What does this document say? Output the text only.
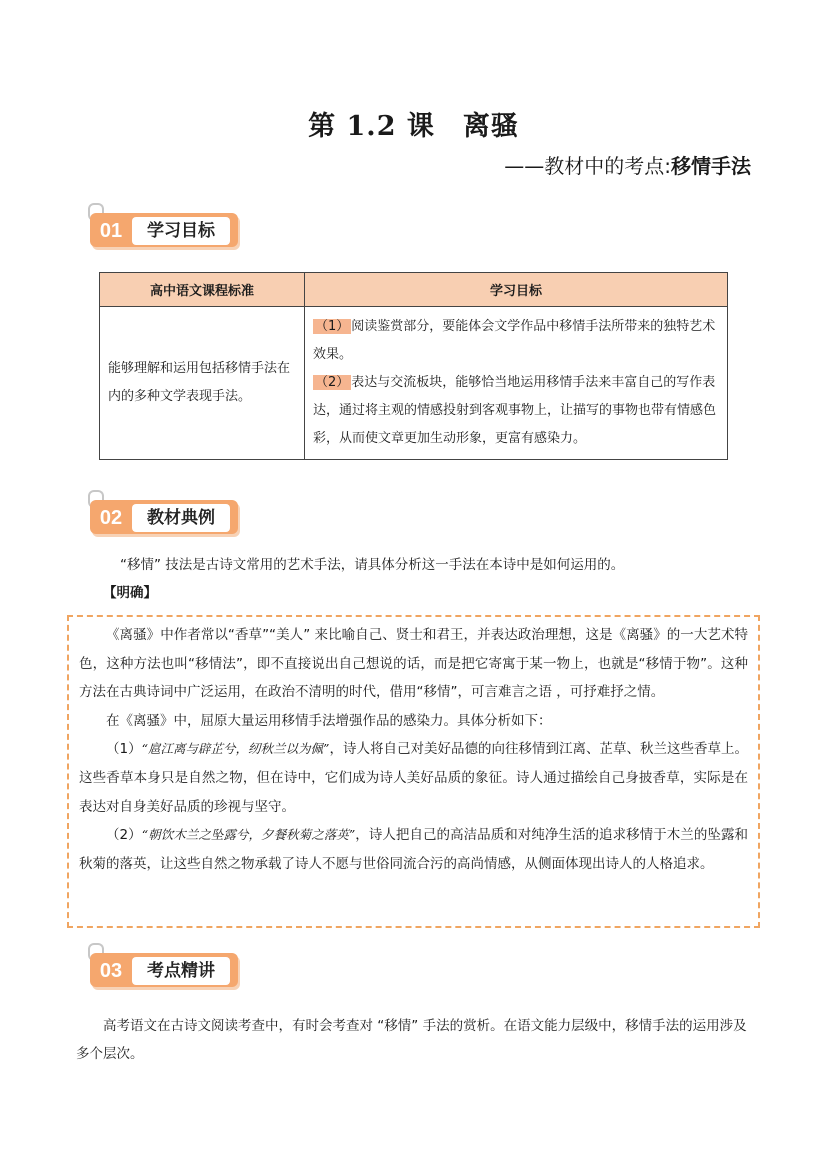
第 1.2 课　离骚
——教材中的考点:移情手法
01	学习目标
高中语文课程标准	学习目标
能够理解和运用包括移情手法在内的多种文学表现手法。	（1） 阅读鉴赏部分，要能体会文学作品中移情手法所带来的独特艺术效果。
（2） 表达与交流板块，能够恰当地运用移情手法来丰富自己的写作表达，通过将主观的情感投射到客观事物上，让描写的事物也带有情感色彩，从而使文章更加生动形象，更富有感染力。
02	教材典例
“移情” 技法是古诗文常用的艺术手法，请具体分析这一手法在本诗中是如何运用的。
【明确】

《离骚》中作者常以“香草”“美人” 来比喻自己、贤士和君王，并表达政治理想，这是《离骚》的一大艺术特色，这种方法也叫“移情法”，即不直接说出自己想说的话，而是把它寄寓于某一物上，也就是“移情于物”。这种方法在古典诗词中广泛运用，在政治不清明的时代，借用“移情”，可言难言之语 ，可抒难抒之情。

在《离骚》中，屈原大量运用移情手法增强作品的感染力。具体分析如下：

（1）“扈江离与辟芷兮，纫秋兰以为佩”，诗人将自己对美好品德的向往移情到江离、芷草、秋兰这些香草上。这些香草本身只是自然之物，但在诗中，它们成为诗人美好品质的象征。诗人通过描绘自己身披香草，实际是在表达对自身美好品质的珍视与坚守。

（2）“朝饮木兰之坠露兮，夕餐秋菊之落英”，诗人把自己的高洁品质和对纯净生活的追求移情于木兰的坠露和秋菊的落英，让这些自然之物承载了诗人不愿与世俗同流合污的高尚情感，从侧面体现出诗人的人格追求。

03	考点精讲
高考语文在古诗文阅读考查中，有时会考查对 “移情” 手法的赏析。在语文能力层级中，移情手法的运用涉及多个层次。
